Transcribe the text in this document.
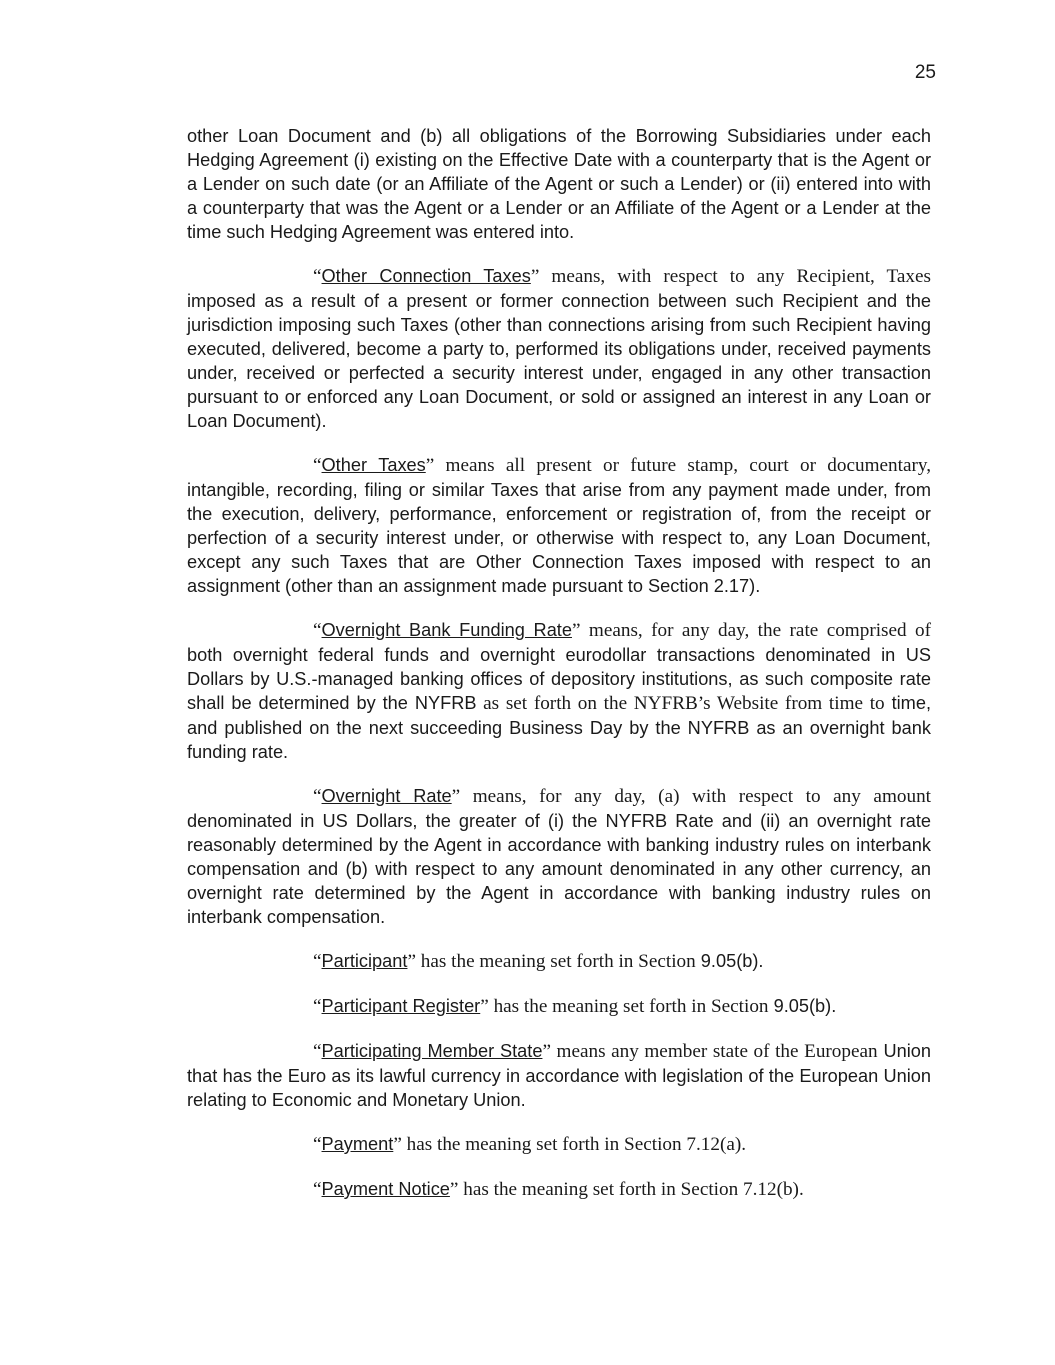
25

other Loan Document and (b) all obligations of the Borrowing Subsidiaries under each Hedging Agreement (i) existing on the Effective Date with a counterparty that is the Agent or a Lender on such date (or an Affiliate of the Agent or such a Lender) or (ii) entered into with a counterparty that was the Agent or a Lender or an Affiliate of the Agent or a Lender at the time such Hedging Agreement was entered into.

“Other Connection Taxes” means, with respect to any Recipient, Taxes imposed as a result of a present or former connection between such Recipient and the jurisdiction imposing such Taxes (other than connections arising from such Recipient having executed, delivered, become a party to, performed its obligations under, received payments under, received or perfected a security interest under, engaged in any other transaction pursuant to or enforced any Loan Document, or sold or assigned an interest in any Loan or Loan Document).

“Other Taxes” means all present or future stamp, court or documentary, intangible, recording, filing or similar Taxes that arise from any payment made under, from the execution, delivery, performance, enforcement or registration of, from the receipt or perfection of a security interest under, or otherwise with respect to, any Loan Document, except any such Taxes that are Other Connection Taxes imposed with respect to an assignment (other than an assignment made pursuant to Section 2.17).

“Overnight Bank Funding Rate” means, for any day, the rate comprised of both overnight federal funds and overnight eurodollar transactions denominated in US Dollars by U.S.-managed banking offices of depository institutions, as such composite rate shall be determined by the NYFRB as set forth on the NYFRB’s Website from time to time, and published on the next succeeding Business Day by the NYFRB as an overnight bank funding rate.

“Overnight Rate” means, for any day, (a) with respect to any amount denominated in US Dollars, the greater of (i) the NYFRB Rate and (ii) an overnight rate reasonably determined by the Agent in accordance with banking industry rules on interbank compensation and (b) with respect to any amount denominated in any other currency, an overnight rate determined by the Agent in accordance with banking industry rules on interbank compensation.

“Participant” has the meaning set forth in Section 9.05(b).

“Participant Register” has the meaning set forth in Section 9.05(b).

“Participating Member State” means any member state of the European Union that has the Euro as its lawful currency in accordance with legislation of the European Union relating to Economic and Monetary Union.

“Payment” has the meaning set forth in Section 7.12(a).

“Payment Notice” has the meaning set forth in Section 7.12(b).
